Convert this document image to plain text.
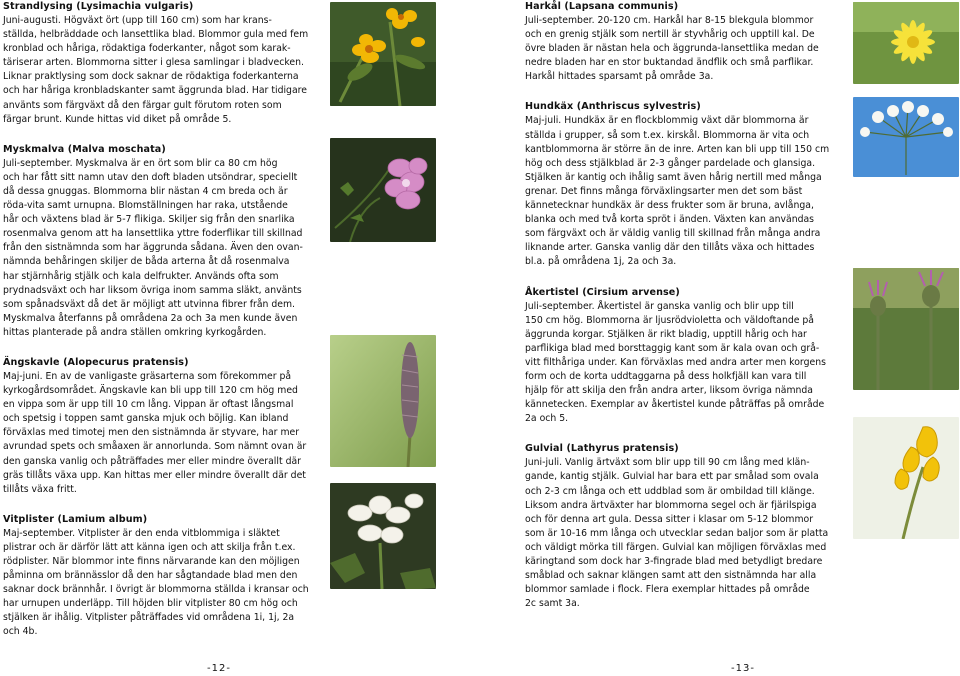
Strandlysing (Lysimachia vulgaris)

Juni-augusti. Högväxt ört (upp till 160 cm) som har krans-
ställda, helbräddade och lansettlika blad. Blommor gula med fem
kronblad och håriga, rödaktiga foderkanter, något som karak-
täriserar arten. Blommorna sitter i glesa samlingar i bladvecken.
Liknar praktlysing som dock saknar de rödaktiga foderkanterna
och har håriga kronbladskanter samt äggrunda blad. Har tidigare
använts som färgväxt då den färgar gult förutom roten som
färgar brunt. Kunde hittas vid diket på område 5.

Myskmalva (Malva moschata)

Juli-september. Myskmalva är en ört som blir ca 80 cm hög
och har fått sitt namn utav den doft bladen utsöndrar, speciellt
då dessa gnuggas. Blommorna blir nästan 4 cm breda och är
röda-vita samt urnupna. Blomställningen har raka, utstående
hår och växtens blad är 5-7 flikiga. Skiljer sig från den snarlika
rosenmalva genom att ha lansettlika yttre foderflikar till skillnad
från den sistnämnda som har äggrunda sådana. Även den ovan-
nämnda behåringen skiljer de båda arterna åt då rosenmalva
har stjärnhårig stjälk och kala delfrukter. Används ofta som
prydnadsväxt och har liksom övriga inom samma släkt, använts
som spånadsväxt då det är möjligt att utvinna fibrer från dem.
Myskmalva återfanns på områdena 2a och 3a men kunde även
hittas planterade på andra ställen omkring kyrkogården.

Ängskavle (Alopecurus pratensis)

Maj-juni. En av de vanligaste gräsarterna som förekommer på
kyrkogårdsområdet. Ängskavle kan bli upp till 120 cm hög med
en vippa som är upp till 10 cm lång. Vippan är oftast långsmal
och spetsig i toppen samt ganska mjuk och böjlig. Kan ibland
förväxlas med timotej men den sistnämnda är styvare, har mer
avrundad spets och småaxen är annorlunda. Som nämnt ovan är
den ganska vanlig och påträffades mer eller mindre överallt där
gräs tillåts växa upp. Kan hittas mer eller mindre överallt där det
tillåts växa fritt.

Vitplister (Lamium album)

Maj-september. Vitplister är den enda vitblommiga i släktet
plistrar och är därför lätt att känna igen och att skilja från t.ex.
rödplister. När blommor inte finns närvarande kan den möjligen
påminna om brännässlor då den har sågtandade blad men den
saknar dock brännhår. I övrigt är blommorna ställda i kransar och
har urnupen underläpp. Till höjden blir vitplister 80 cm hög och
stjälken är ihålig. Vitplister påträffades vid områdena 1i, 1j, 2a
och 4b.

Harkål (Lapsana communis)

Juli-september. 20-120 cm. Harkål har 8-15 blekgula blommor
och en grenig stjälk som nertill är styvhårig och upptill kal. De
övre bladen är nästan hela och äggrunda-lansettlika medan de
nedre bladen har en stor buktandad ändflik och små parflikar.
Harkål hittades sparsamt på område 3a.

Hundkäx (Anthriscus sylvestris)

Maj-juli. Hundkäx är en flockblommig växt där blommorna är
ställda i grupper, så som t.ex. kirskål. Blommorna är vita och
kantblommorna är större än de inre. Arten kan bli upp till 150 cm
hög och dess stjälkblad är 2-3 gånger pardelade och glansiga.
Stjälken är kantig och ihålig samt även hårig nertill med många
grenar. Det finns många förväxlingsarter men det som bäst
kännetecknar hundkäx är dess frukter som är bruna, avlånga,
blanka och med två korta spröt i änden. Växten kan användas
som färgväxt och är väldig vanlig till skillnad från många andra
liknande arter. Ganska vanlig där den tillåts växa och hittades
bl.a. på områdena 1j, 2a och 3a.

Åkertistel (Cirsium arvense)

Juli-september. Åkertistel är ganska vanlig och blir upp till
150 cm hög. Blommorna är ljusrödvioletta och väldoftande på
äggrunda korgar. Stjälken är rikt bladig, upptill hårig och har
parflikiga blad med borsttaggig kant som är kala ovan och grå-
vitt filthåriga under. Kan förväxlas med andra arter men korgens
form och de korta uddtaggarna på dess holkfjäll kan vara till
hjälp för att skilja den från andra arter, liksom övriga nämnda
kännetecken. Exemplar av åkertistel kunde påträffas på område
2a och 5.

Gulvial (Lathyrus pratensis)

Juni-juli. Vanlig ärtväxt som blir upp till 90 cm lång med klän-
gande, kantig stjälk. Gulvial har bara ett par smålad som ovala
och 2-3 cm långa och ett uddblad som är ombildad till klänge.
Liksom andra ärtväxter har blommorna segel och är fjärilspiga
och för denna art gula. Dessa sitter i klasar om 5-12 blommor
som är 10-16 mm långa och utvecklar sedan baljor som är platta
och väldigt mörka till färgen. Gulvial kan möjligen förväxlas med
käringtand som dock har 3-fingrade blad med betydligt bredare
småblad och saknar klängen samt att den sistnämnda har alla
blommor samlade i flock. Flera exemplar hittades på område
2c samt 3a.

-12-	-13-
